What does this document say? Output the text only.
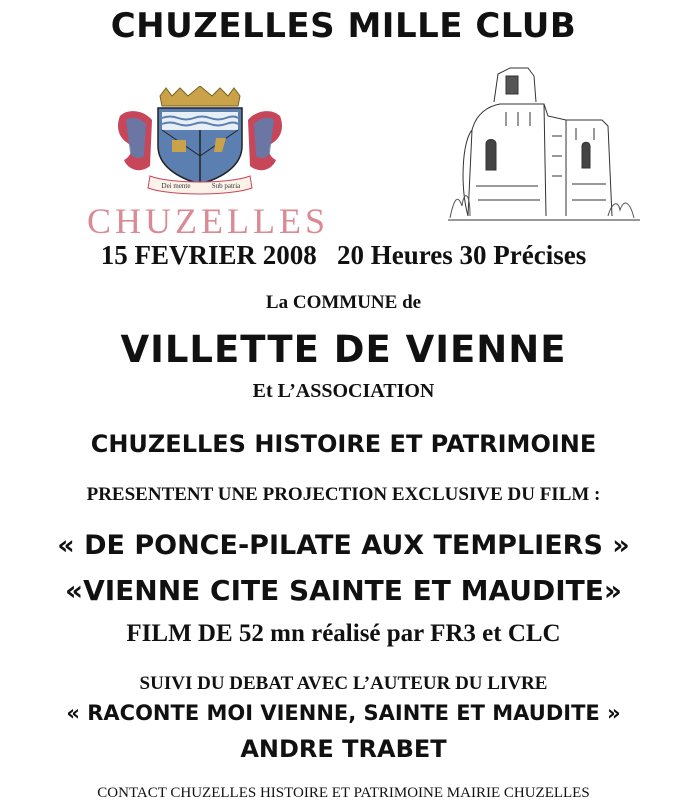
CHUZELLES MILLE CLUB
Dei mente	Sub patria
CHUZELLES
15 FEVRIER 2008   20 Heures 30 Précises
La COMMUNE de
VILLETTE DE VIENNE
Et L’ASSOCIATION
CHUZELLES HISTOIRE ET PATRIMOINE
PRESENTENT UNE PROJECTION EXCLUSIVE DU FILM :
« DE PONCE-PILATE AUX TEMPLIERS »
«VIENNE CITE SAINTE ET MAUDITE»
FILM DE 52 mn réalisé par FR3 et CLC
SUIVI DU DEBAT AVEC L’AUTEUR DU LIVRE
« RACONTE MOI VIENNE, SAINTE ET MAUDITE »
ANDRE TRABET
CONTACT CHUZELLES HISTOIRE ET PATRIMOINE MAIRIE CHUZELLES
